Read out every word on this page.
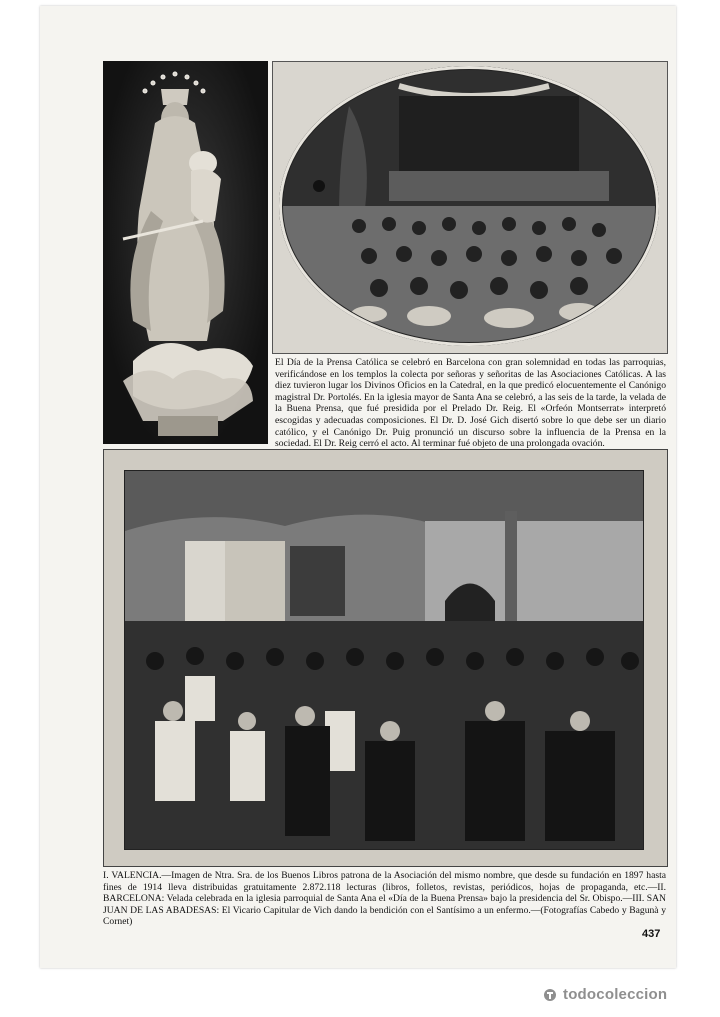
El Día de la Prensa Católica se celebró en Barcelona con gran solemnidad en todas las parroquias, verificándose en los templos la colecta por señoras y señoritas de las Asociaciones Católicas. A las diez tuvieron lugar los Divinos Oficios en la Catedral, en la que predicó elocuentemente el Canónigo magistral Dr. Portolés. En la iglesia mayor de Santa Ana se celebró, a las seis de la tarde, la velada de la Buena Prensa, que fué presidida por el Prelado Dr. Reig. El «Orfeón Montserrat» interpretó escogidas y adecuadas composiciones. El Dr. D. José Gich disertó sobre lo que debe ser un diario católico, y el Canónigo Dr. Puig pronunció un discurso sobre la influencia de la Prensa en la sociedad. El Dr. Reig cerró el acto. Al terminar fué objeto de una prolongada ovación.

I. VALENCIA.—Imagen de Ntra. Sra. de los Buenos Libros patrona de la Asociación del mismo nombre, que desde su fundación en 1897 hasta fines de 1914 lleva distribuidas gratuitamente 2.872.118 lecturas (libros, folletos, revistas, periódicos, hojas de propaganda, etc.—II. BARCELONA: Velada celebrada en la iglesia parroquial de Santa Ana el «Día de la Buena Prensa» bajo la presidencia del Sr. Obispo.—III. SAN JUAN DE LAS ABADESAS: El Vicario Capitular de Vich dando la bendición con el Santísimo a un enfermo.—(Fotografías Cabedo y Bagunà y Cornet)

437
todocoleccion
